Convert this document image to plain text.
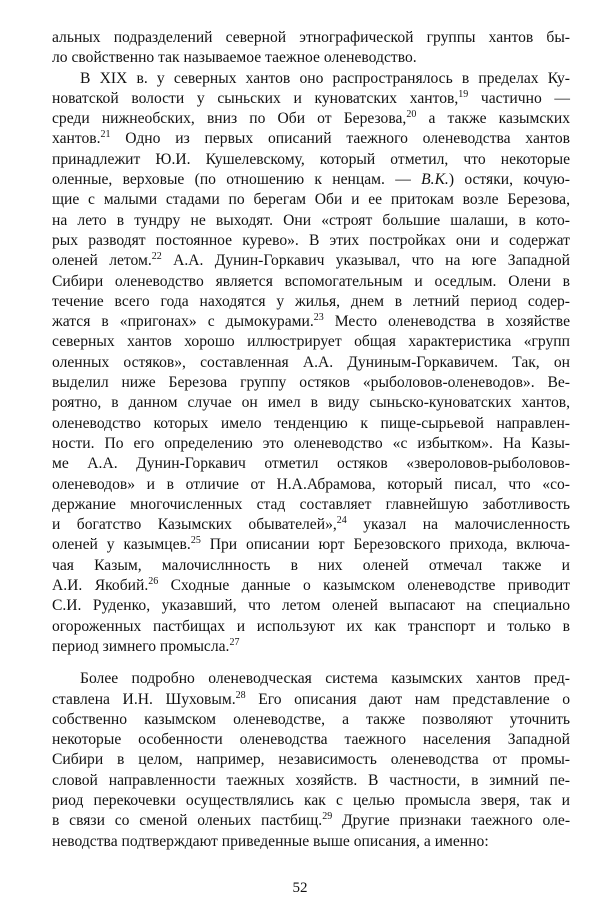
альных подразделений северной этнографической группы хантов бы-
ло свойственно так называемое таежное оленеводство.
В XIX в. у северных хантов оно распространялось в пределах Ку-
новатской волости у сыньских и куноватских хантов,$^{19}$ частично —
среди нижнеобских, вниз по Оби от Березова,$^{20}$ а также казымских
хантов.$^{21}$ Одно из первых описаний таежного оленеводства хантов
принадлежит Ю.И. Кушелевскому, который отметил, что некоторые
оленные, верховые (по отношению к ненцам. — В.К.) остяки, кочую-
щие с малыми стадами по берегам Оби и ее притокам возле Березова,
на лето в тундру не выходят. Они «строят большие шалаши, в кото-
рых разводят постоянное курево». В этих постройках они и содержат
оленей летом.$^{22}$ А.А. Дунин-Горкавич указывал, что на юге Западной
Сибири оленеводство является вспомогательным и оседлым. Олени в
течение всего года находятся у жилья, днем в летний период содер-
жатся в «пригонах» с дымокурами.$^{23}$ Место оленеводства в хозяйстве
северных хантов хорошо иллюстрирует общая характеристика «групп
оленных остяков», составленная А.А. Дуниным-Горкавичем. Так, он
выделил ниже Березова группу остяков «рыболовов-оленеводов». Ве-
роятно, в данном случае он имел в виду сыньско-куноватских хантов,
оленеводство которых имело тенденцию к пище-сырьевой направлен-
ности. По его определению это оленеводство «с избытком». На Казы-
ме А.А. Дунин-Горкавич отметил остяков «звероловов-рыболовов-
оленеводов» и в отличие от Н.А.Абрамова, который писал, что «со-
держание многочисленных стад составляет главнейшую заботливость
и богатство Казымских обывателей»,$^{24}$ указал на малочисленность
оленей у казымцев.$^{25}$ При описании юрт Березовского прихода, включа-
чая Казым, малочислнность в них оленей отмечал также и
А.И. Якобий.$^{26}$ Сходные данные о казымском оленеводстве приводит
С.И. Руденко, указавший, что летом оленей выпасают на специально
огороженных пастбищах и используют их как транспорт и только в
период зимнего промысла.$^{27}$
Более подробно оленеводческая система казымских хантов пред-
ставлена И.Н. Шуховым.$^{28}$ Его описания дают нам представление о
собственно казымском оленеводстве, а также позволяют уточнить
некоторые особенности оленеводства таежного населения Западной
Сибири в целом, например, независимость оленеводства от промы-
словой направленности таежных хозяйств. В частности, в зимний пе-
риод перекочевки осуществлялись как с целью промысла зверя, так и
в связи со сменой оленьих пастбищ.$^{29}$ Другие признаки таежного оле-
неводства подтверждают приведенные выше описания, а именно:
52
